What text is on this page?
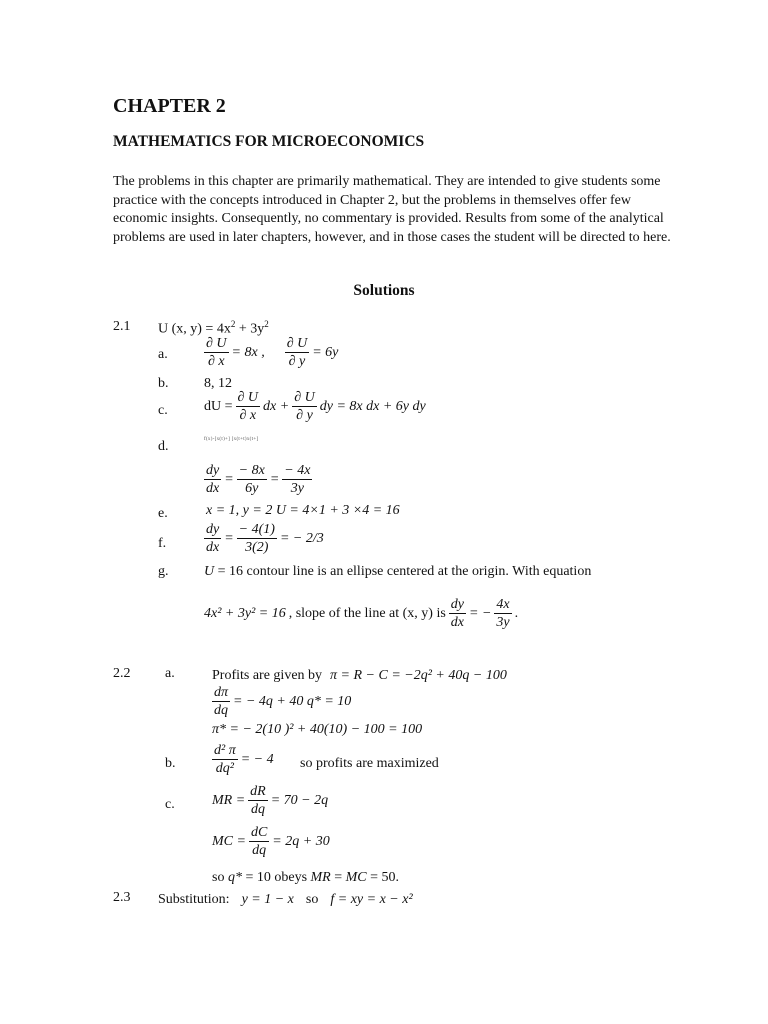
CHAPTER 2
MATHEMATICS FOR MICROECONOMICS
The problems in this chapter are primarily mathematical. They are intended to give students some practice with the concepts introduced in Chapter 2, but the problems in themselves offer few economic insights. Consequently, no commentary is provided. Results from some of the analytical problems are used in later chapters, however, and in those cases the student will be directed to here.
Solutions
2.1 U (x, $y) = 4x^2 + 3y^2$
a.	$\frac{\partial U}{\partial x} = 8x$ , $\frac{\partial U}{\partial y} = 6y$
b.	8, 12
c.	dU = $\frac{\partial U}{\partial x}$ dx + $\frac{\partial U}{\partial y}$ dy = 8x dx + 6y dy
d.	f(x)-[x(t)+] [x(t+t)x(t+]
$\frac{dy}{dx} = \frac{- 8x}{6y} = \frac{- 4x}{3y}$
e.	x = 1, y = 2 U = 4×1 + 3 ×4 = 16
f.	$\frac{dy}{dx} = \frac{- 4(1)}{3(2)}$ = − 2/3
g.	U = 16 contour line is an ellipse centered at the origin. With equation
4x² + 3y² = 16 , slope of the line at (x, y) is $\frac{dy}{dx}$ = − $\frac{4x}{3y}$ .
2.2 a.	Profits are given by π = R − C = −2q² + 40q − 100
$\frac{d\pi}{dq}$ = − 4q + 40 q* = 10
π* = − 2(10 )² + 40(10) − 100 = 100
b.	$\frac{\text{d² π}}{\text{dq²}}$ = − 4 so profits are maximized
c.	MR = $\frac{dR}{dq} = 70 - 2q$
MC = $\frac{dC}{dq} = 2q + 30$
so q* = 10 obeys MR = MC = 50.
2.3 Substitution: y = 1 − x so f = xy = x − x²
